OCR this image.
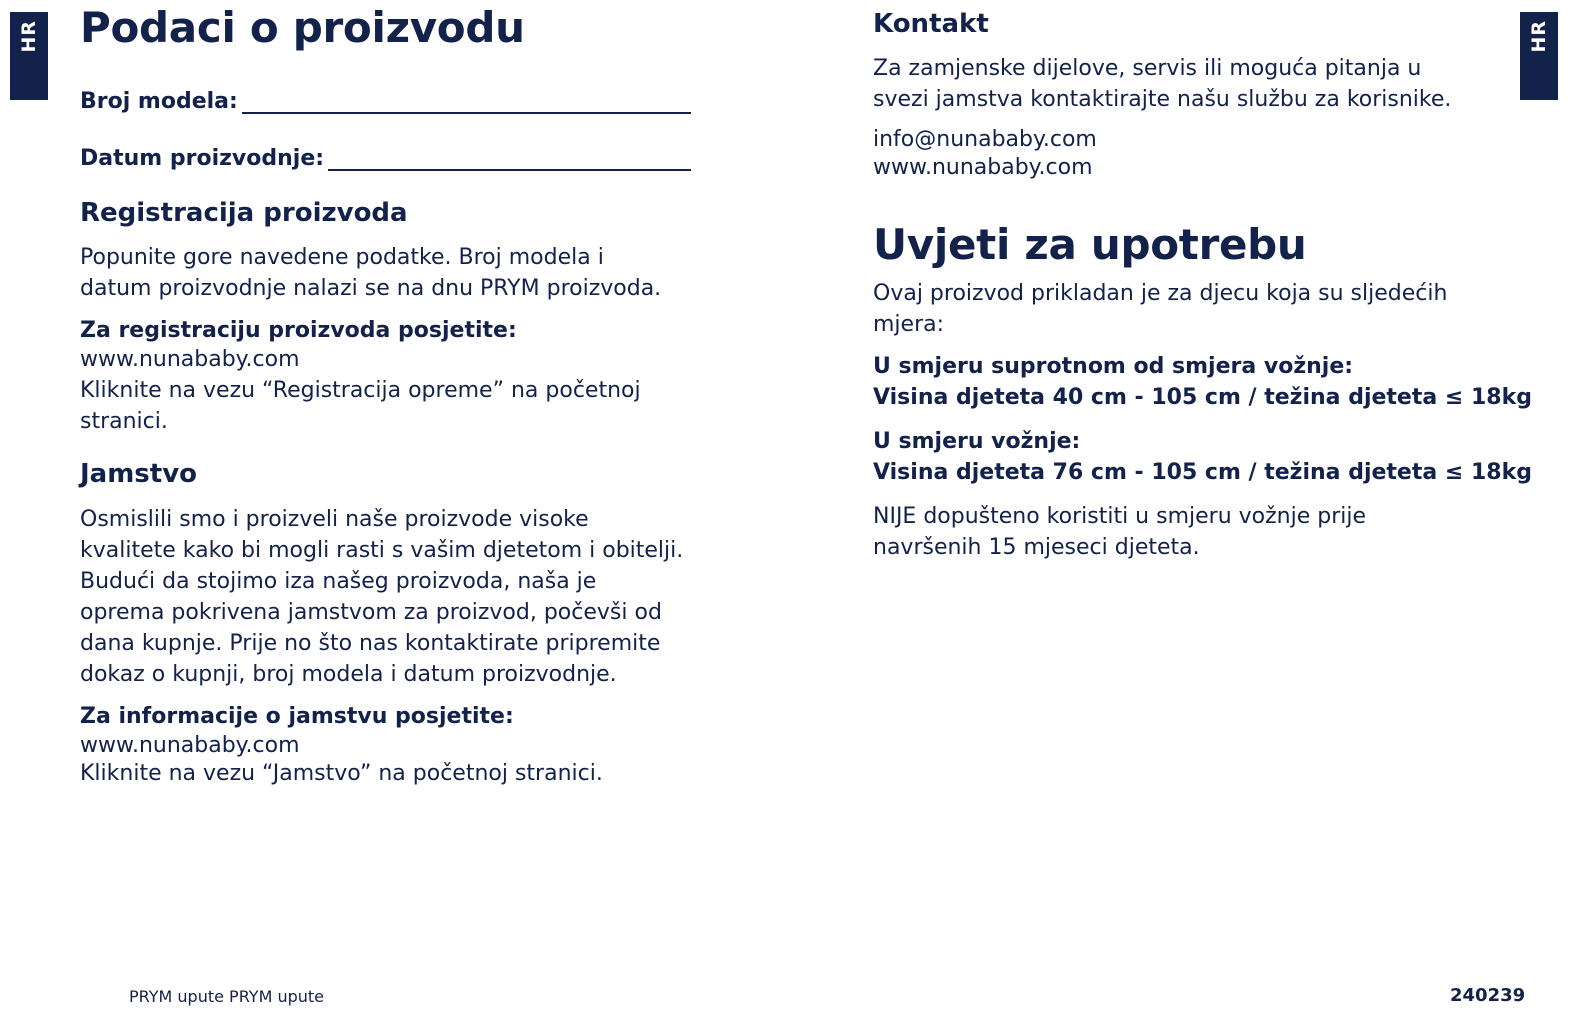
HR	HR
Podaci o proizvodu
Broj modela:
Datum proizvodnje:
Registracija proizvoda

Popunite gore navedene podatke. Broj modela i

datum proizvodnje nalazi se na dnu PRYM proizvoda.

Za registraciju proizvoda posjetite:

www.nunababy.com

Kliknite na vezu “Registracija opreme” na početnoj

stranici.

Jamstvo

Osmislili smo i proizveli naše proizvode visoke

kvalitete kako bi mogli rasti s vašim djetetom i obitelji.

Budući da stojimo iza našeg proizvoda, naša je

oprema pokrivena jamstvom za proizvod, počevši od

dana kupnje. Prije no što nas kontaktirate pripremite

dokaz o kupnji, broj modela i datum proizvodnje.

Za informacije o jamstvu posjetite:

www.nunababy.com

Kliknite na vezu “Jamstvo” na početnoj stranici.

Kontakt

Za zamjenske dijelove, servis ili moguća pitanja u

svezi jamstva kontaktirajte našu službu za korisnike.

info@nunababy.com

www.nunababy.com

Uvjeti za upotrebu

Ovaj proizvod prikladan je za djecu koja su sljedećih

mjera:

U smjeru suprotnom od smjera vožnje:

Visina djeteta 40 cm - 105 cm / težina djeteta ≤ 18kg

U smjeru vožnje:

Visina djeteta 76 cm - 105 cm / težina djeteta ≤ 18kg

NIJE dopušteno koristiti u smjeru vožnje prije

navršenih 15 mjeseci djeteta.

PRYM upute PRYM upute	240239
